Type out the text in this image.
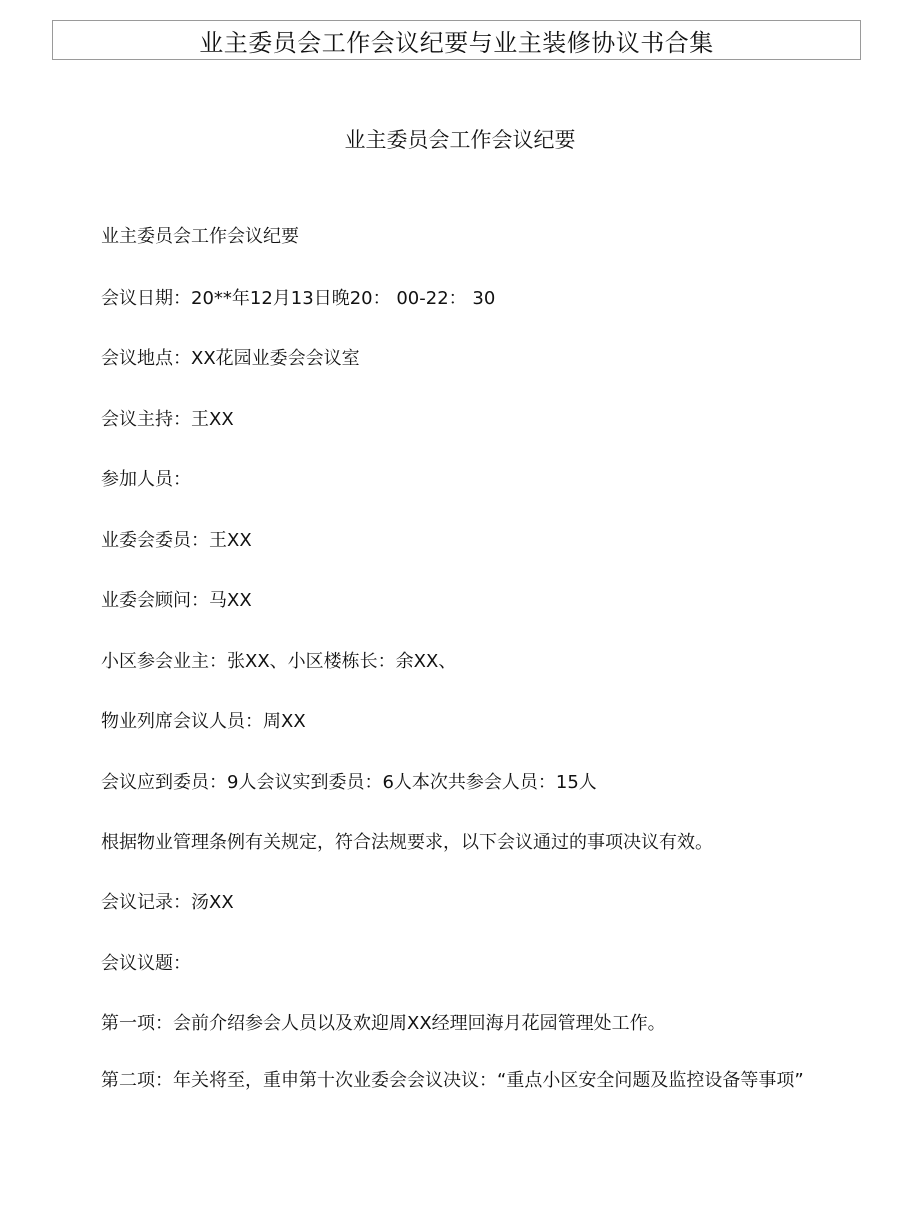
业主委员会工作会议纪要与业主装修协议书合集
业主委员会工作会议纪要
业主委员会工作会议纪要
会议日期：20**年12月13日晚20： 00-22： 30
会议地点：XX花园业委会会议室
会议主持：王XX
参加人员：
业委会委员：王XX
业委会顾问：马XX
小区参会业主：张XX、小区楼栋长：余XX、
物业列席会议人员：周XX
会议应到委员：9人会议实到委员：6人本次共参会人员：15人
根据物业管理条例有关规定，符合法规要求，以下会议通过的事项决议有效。
会议记录：汤XX
会议议题：
第一项：会前介绍参会人员以及欢迎周XX经理回海月花园管理处工作。
第二项：年关将至，重申第十次业委会会议决议：“重点小区安全问题及监控设备等事项”
